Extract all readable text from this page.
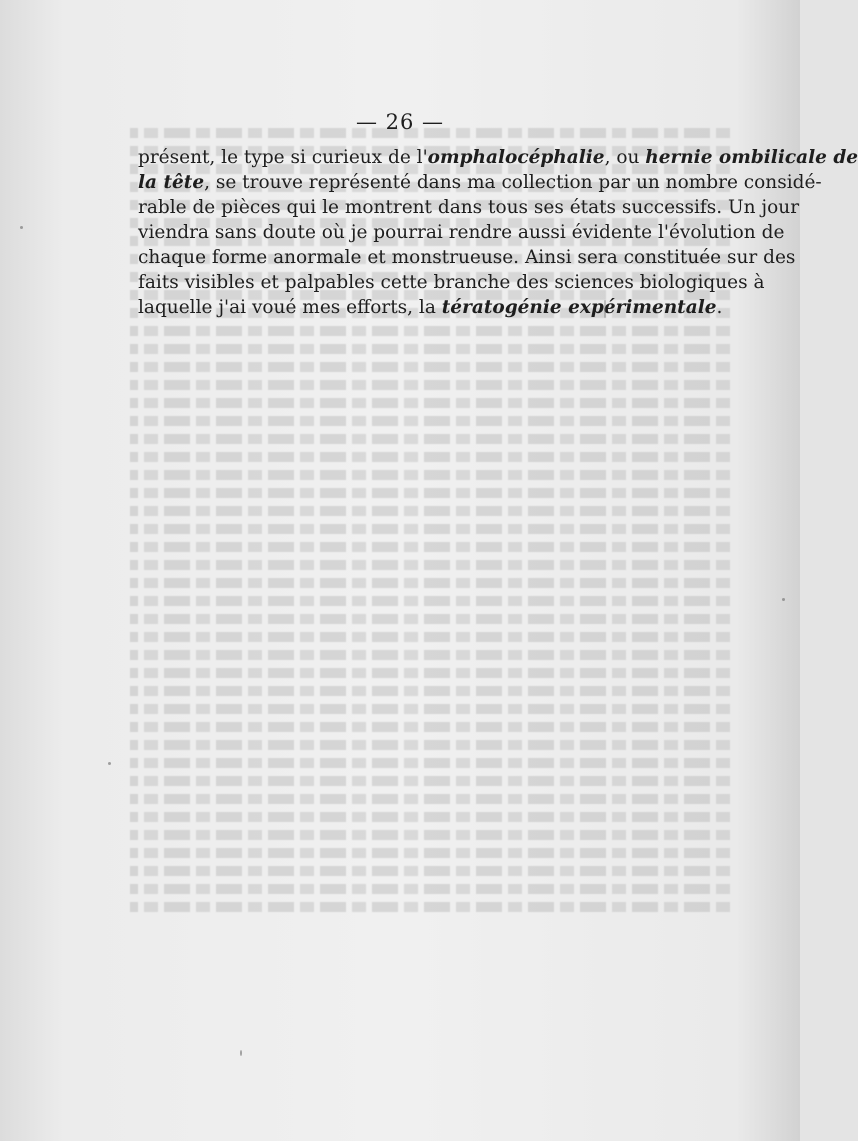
— 26 —
présent, le type si curieux de l'omphalocéphalie, ou hernie ombilicale de
la tête, se trouve représenté dans ma collection par un nombre considé-
rable de pièces qui le montrent dans tous ses états successifs. Un jour
viendra sans doute où je pourrai rendre aussi évidente l'évolution de
chaque forme anormale et monstrueuse. Ainsi sera constituée sur des
faits visibles et palpables cette branche des sciences biologiques à
laquelle j'ai voué mes efforts, la tératogénie expérimentale.
